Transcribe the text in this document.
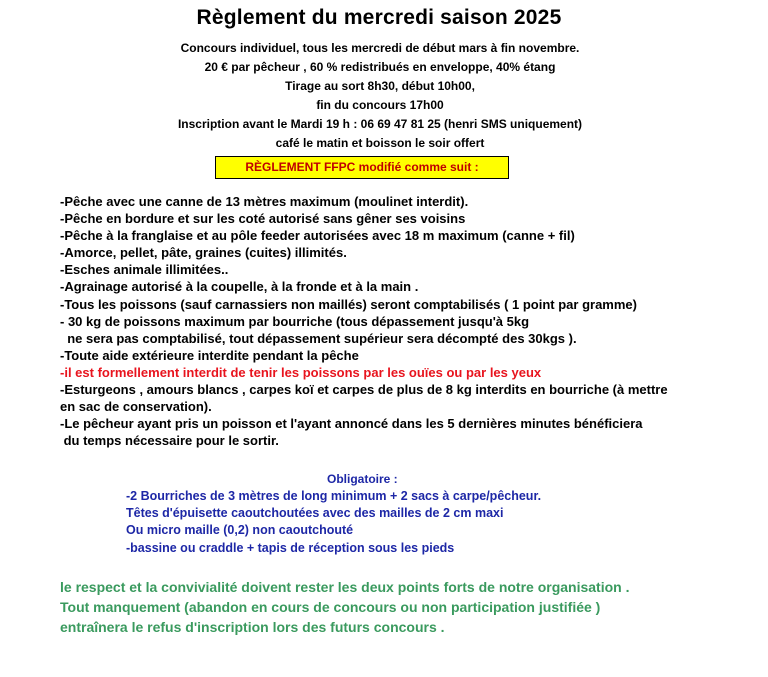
Règlement du mercredi saison 2025
Concours individuel, tous les mercredi de début mars à fin novembre.
20 € par pêcheur , 60 % redistribués en enveloppe, 40% étang
Tirage au sort 8h30, début 10h00,
fin du concours 17h00
Inscription avant le Mardi 19 h : 06 69 47 81 25 (henri SMS uniquement)
café le matin et boisson le soir offert
RÈGLEMENT FFPC modifié comme suit :
-Pêche avec une canne de 13 mètres maximum (moulinet interdit).
-Pêche en bordure et sur les coté autorisé sans gêner ses voisins
-Pêche à la franglaise et au pôle feeder autorisées avec 18 m maximum (canne + fil)
-Amorce, pellet, pâte, graines (cuites) illimités.
-Esches animale illimitées..
-Agrainage autorisé à la coupelle, à la fronde et à la main .
-Tous les poissons (sauf carnassiers non maillés) seront comptabilisés ( 1 point par gramme)
- 30 kg de poissons maximum par bourriche (tous dépassement jusqu'à 5kg
ne sera pas comptabilisé, tout dépassement supérieur sera décompté des 30kgs ).
-Toute aide extérieure interdite pendant la pêche
-il est formellement interdit de tenir les poissons par les ouïes ou par les yeux
-Esturgeons , amours blancs , carpes koï et carpes de plus de 8 kg interdits en bourriche (à mettre
en sac de conservation).
-Le pêcheur ayant pris un poisson et l'ayant annoncé dans les 5 dernières minutes bénéficiera
du temps nécessaire pour le sortir.
Obligatoire :
-2 Bourriches de 3 mètres de long minimum + 2 sacs à carpe/pêcheur.
Têtes d'épuisette caoutchoutées avec des mailles de 2 cm maxi
Ou micro maille (0,2) non caoutchouté
-bassine ou craddle + tapis de réception sous les pieds
le respect et la convivialité doivent rester les deux points forts de notre organisation .
Tout manquement (abandon en cours de concours ou non participation justifiée )
entraînera le refus d'inscription lors des futurs concours .
